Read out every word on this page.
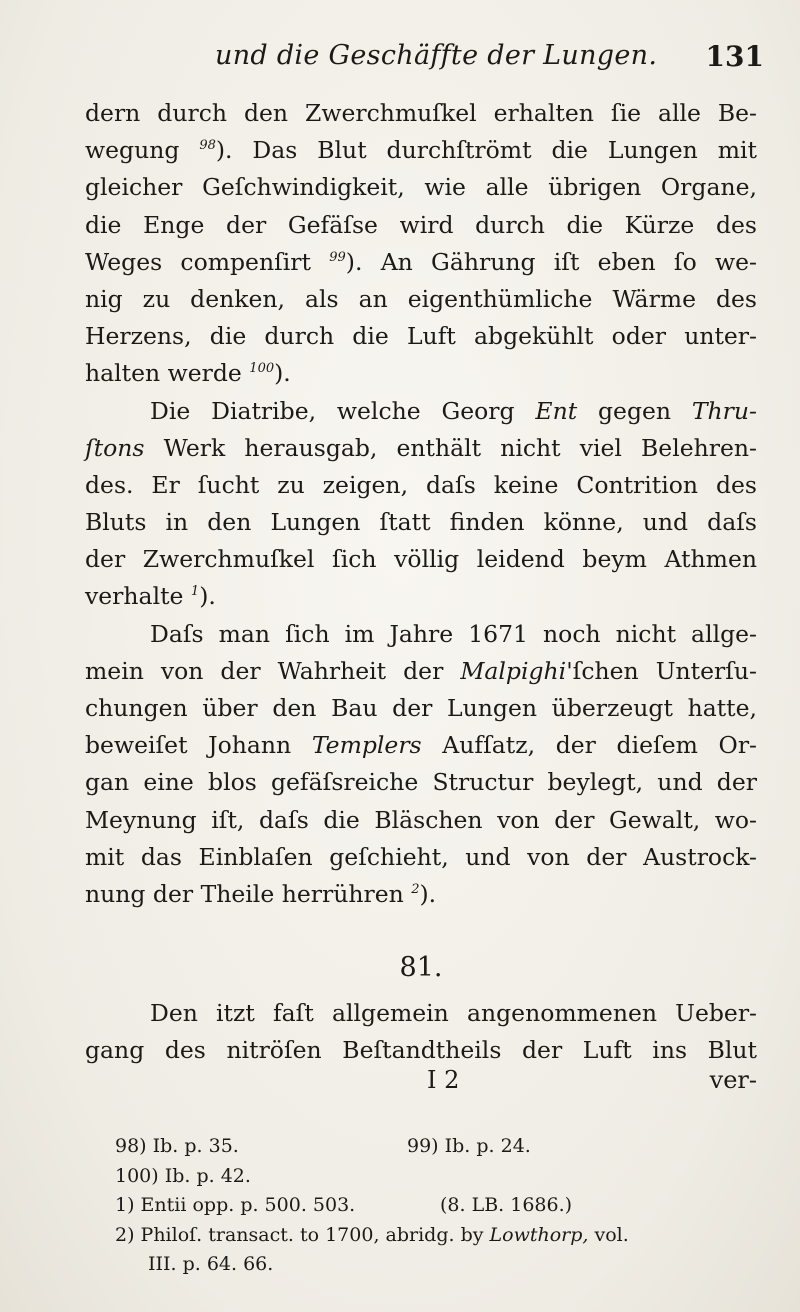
und die Geschäffte der Lungen. 131
dern durch den Zwerchmuſkel erhalten ſie alle Be-
wegung $^{98}$). Das Blut durchſtrömt die Lungen mit
gleicher Geſchwindigkeit, wie alle übrigen Organe,
die Enge der Gefäſse wird durch die Kürze des
Weges compenſirt $^{99}$). An Gährung iſt eben ſo we-
nig zu denken, als an eigenthümliche Wärme des
Herzens, die durch die Luft abgekühlt oder unter-
halten werde $^{100}$).
Die Diatribe, welche Georg Ent gegen Thru-
ſtons Werk herausgab, enthält nicht viel Belehren-
des. Er ſucht zu zeigen, daſs keine Contrition des
Bluts in den Lungen ſtatt finden könne, und daſs
der Zwerchmuſkel ſich völlig leidend beym Athmen
verhalte $^1$).
Daſs man ſich im Jahre 1671 noch nicht allge-
mein von der Wahrheit der Malpighi'ſchen Unterſu-
chungen über den Bau der Lungen überzeugt hatte,
beweiſet Johann Templers Aufſatz, der dieſem Or-
gan eine blos gefäſsreiche Structur beylegt, und der
Meynung iſt, daſs die Bläschen von der Gewalt, wo-
mit das Einblaſen geſchieht, und von der Austrock-
nung der Theile herrühren $^2$).
81.
Den itzt faſt allgemein angenommenen Ueber-
gang des nitröſen Beſtandtheils der Luft ins Blut
I 2	ver-
98) Ib. p. 35.	99) Ib. p. 24.
100) Ib. p. 42.
1) Entii opp. p. 500. 503.	(8. LB. 1686.)
2) Philoſ. transact. to 1700, abridg. by Lowthorp, vol.
III. p. 64. 66.
